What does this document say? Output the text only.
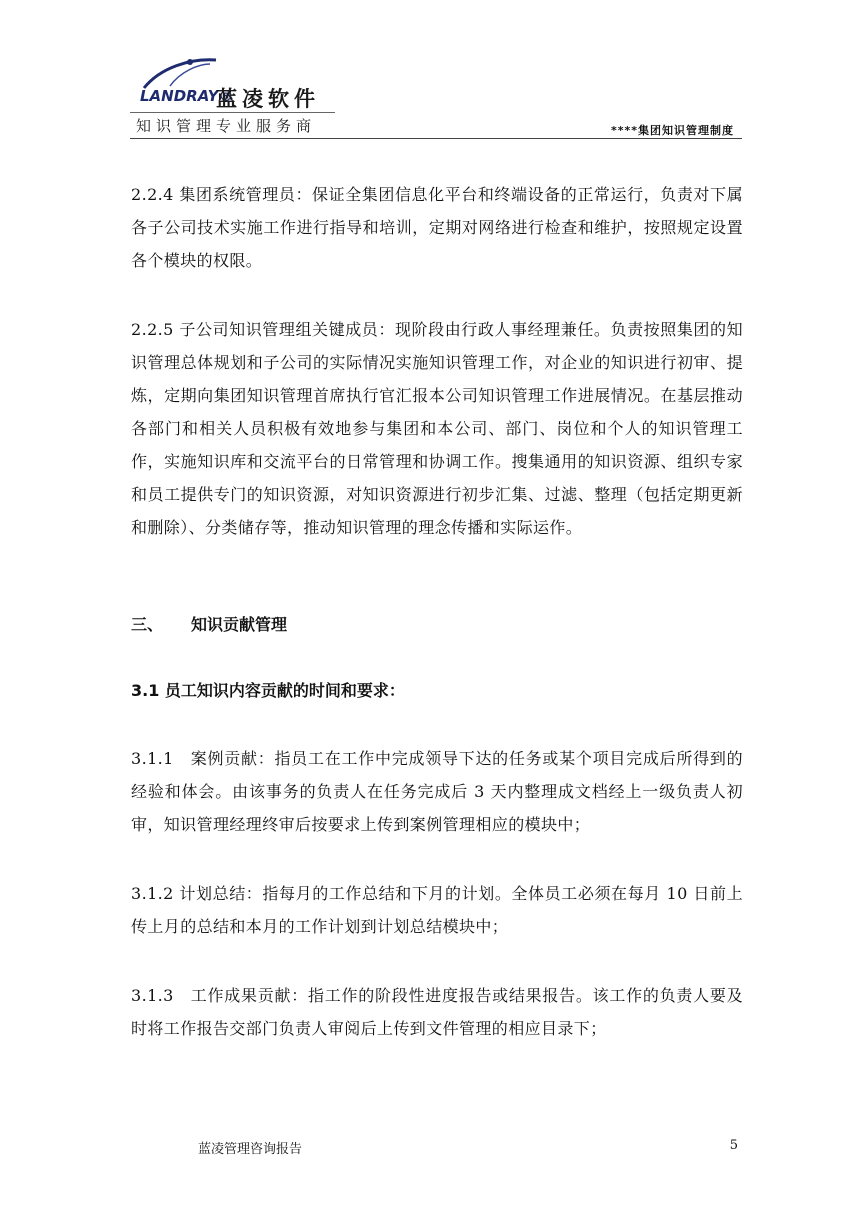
LANDRAY®
蓝凌软件
知识管理专业服务商	****集团知识管理制度

2.2.4 集团系统管理员：保证全集团信息化平台和终端设备的正常运行，负责对下属各子公司技术实施工作进行指导和培训，定期对网络进行检查和维护，按照规定设置各个模块的权限。

2.2.5 子公司知识管理组关键成员：现阶段由行政人事经理兼任。负责按照集团的知识管理总体规划和子公司的实际情况实施知识管理工作，对企业的知识进行初审、提炼，定期向集团知识管理首席执行官汇报本公司知识管理工作进展情况。在基层推动各部门和相关人员积极有效地参与集团和本公司、部门、岗位和个人的知识管理工作，实施知识库和交流平台的日常管理和协调工作。搜集通用的知识资源、组织专家和员工提供专门的知识资源，对知识资源进行初步汇集、过滤、整理（包括定期更新和删除）、分类储存等，推动知识管理的理念传播和实际运作。

三、 知识贡献管理
3.1 员工知识内容贡献的时间和要求：

3.1.1　案例贡献：指员工在工作中完成领导下达的任务或某个项目完成后所得到的经验和体会。由该事务的负责人在任务完成后 3 天内整理成文档经上一级负责人初审，知识管理经理终审后按要求上传到案例管理相应的模块中；

3.1.2 计划总结：指每月的工作总结和下月的计划。全体员工必须在每月 10 日前上传上月的总结和本月的工作计划到计划总结模块中；

3.1.3　工作成果贡献：指工作的阶段性进度报告或结果报告。该工作的负责人要及时将工作报告交部门负责人审阅后上传到文件管理的相应目录下；

蓝凌管理咨询报告	5
